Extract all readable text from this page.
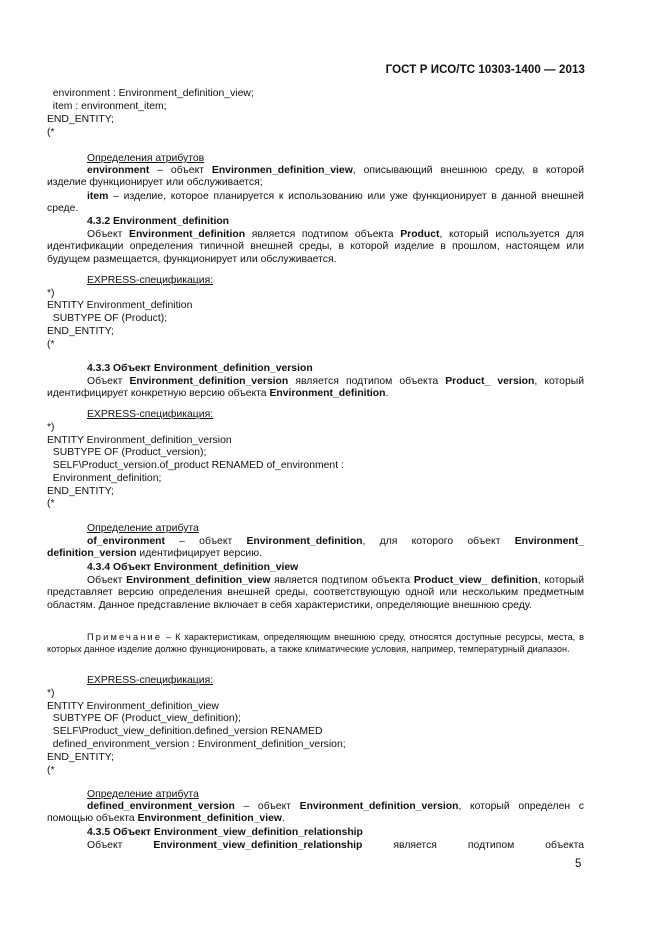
ГОСТ Р ИСО/ТС 10303-1400 — 2013
environment : Environment_definition_view;
item : environment_item;
END_ENTITY;
(*
Определения атрибутов
environment – объект Environmen_definition_view, описывающий внешнюю среду, в которой изделие функционирует или обслуживается;
item – изделие, которое планируется к использованию или уже функционирует в данной внешней среде.
4.3.2 Environment_definition
Объект Environment_definition является подтипом объекта Product, который используется для идентификации определения типичной внешней среды, в которой изделие в прошлом, настоящем или будущем размещается, функционирует или обслуживается.
EXPRESS-спецификация:
*)
ENTITY Environment_definition
SUBTYPE OF (Product);
END_ENTITY;
(*
4.3.3 Объект Environment_definition_version
Объект Environment_definition_version является подтипом объекта Product_ version, который идентифицирует конкретную версию объекта Environment_definition.
EXPRESS-спецификация:
*)
ENTITY Environment_definition_version
SUBTYPE OF (Product_version);
SELF\Product_version.of_product RENAMED of_environment :
Environment_definition;
END_ENTITY;
(*
Определение атрибута
of_environment – объект Environment_definition, для которого объект Environment_ definition_version идентифицирует версию.
4.3.4 Объект Environment_definition_view
Объект Environment_definition_view является подтипом объекта Product_view_ definition, который представляет версию определения внешней среды, соответствующую одной или нескольким предметным областям. Данное представление включает в себя характеристики, определяющие внешнюю среду.
Примечание – К характеристикам, определяющим внешнюю среду, относятся доступные ресурсы, места, в которых данное изделие должно функционировать, а также климатические условия, например, температурный диапазон.
EXPRESS-спецификация:
*)
ENTITY Environment_definition_view
SUBTYPE OF (Product_view_definition);
SELF\Product_view_definition.defined_version RENAMED
defined_environment_version : Environment_definition_version;
END_ENTITY;
(*
Определение атрибута
defined_environment_version – объект Environment_definition_version, который определен с помощью объекта Environment_definition_view.
4.3.5 Объект Environment_view_definition_relationship
Объект Environment_view_definition_relationship является подтипом объекта
5
